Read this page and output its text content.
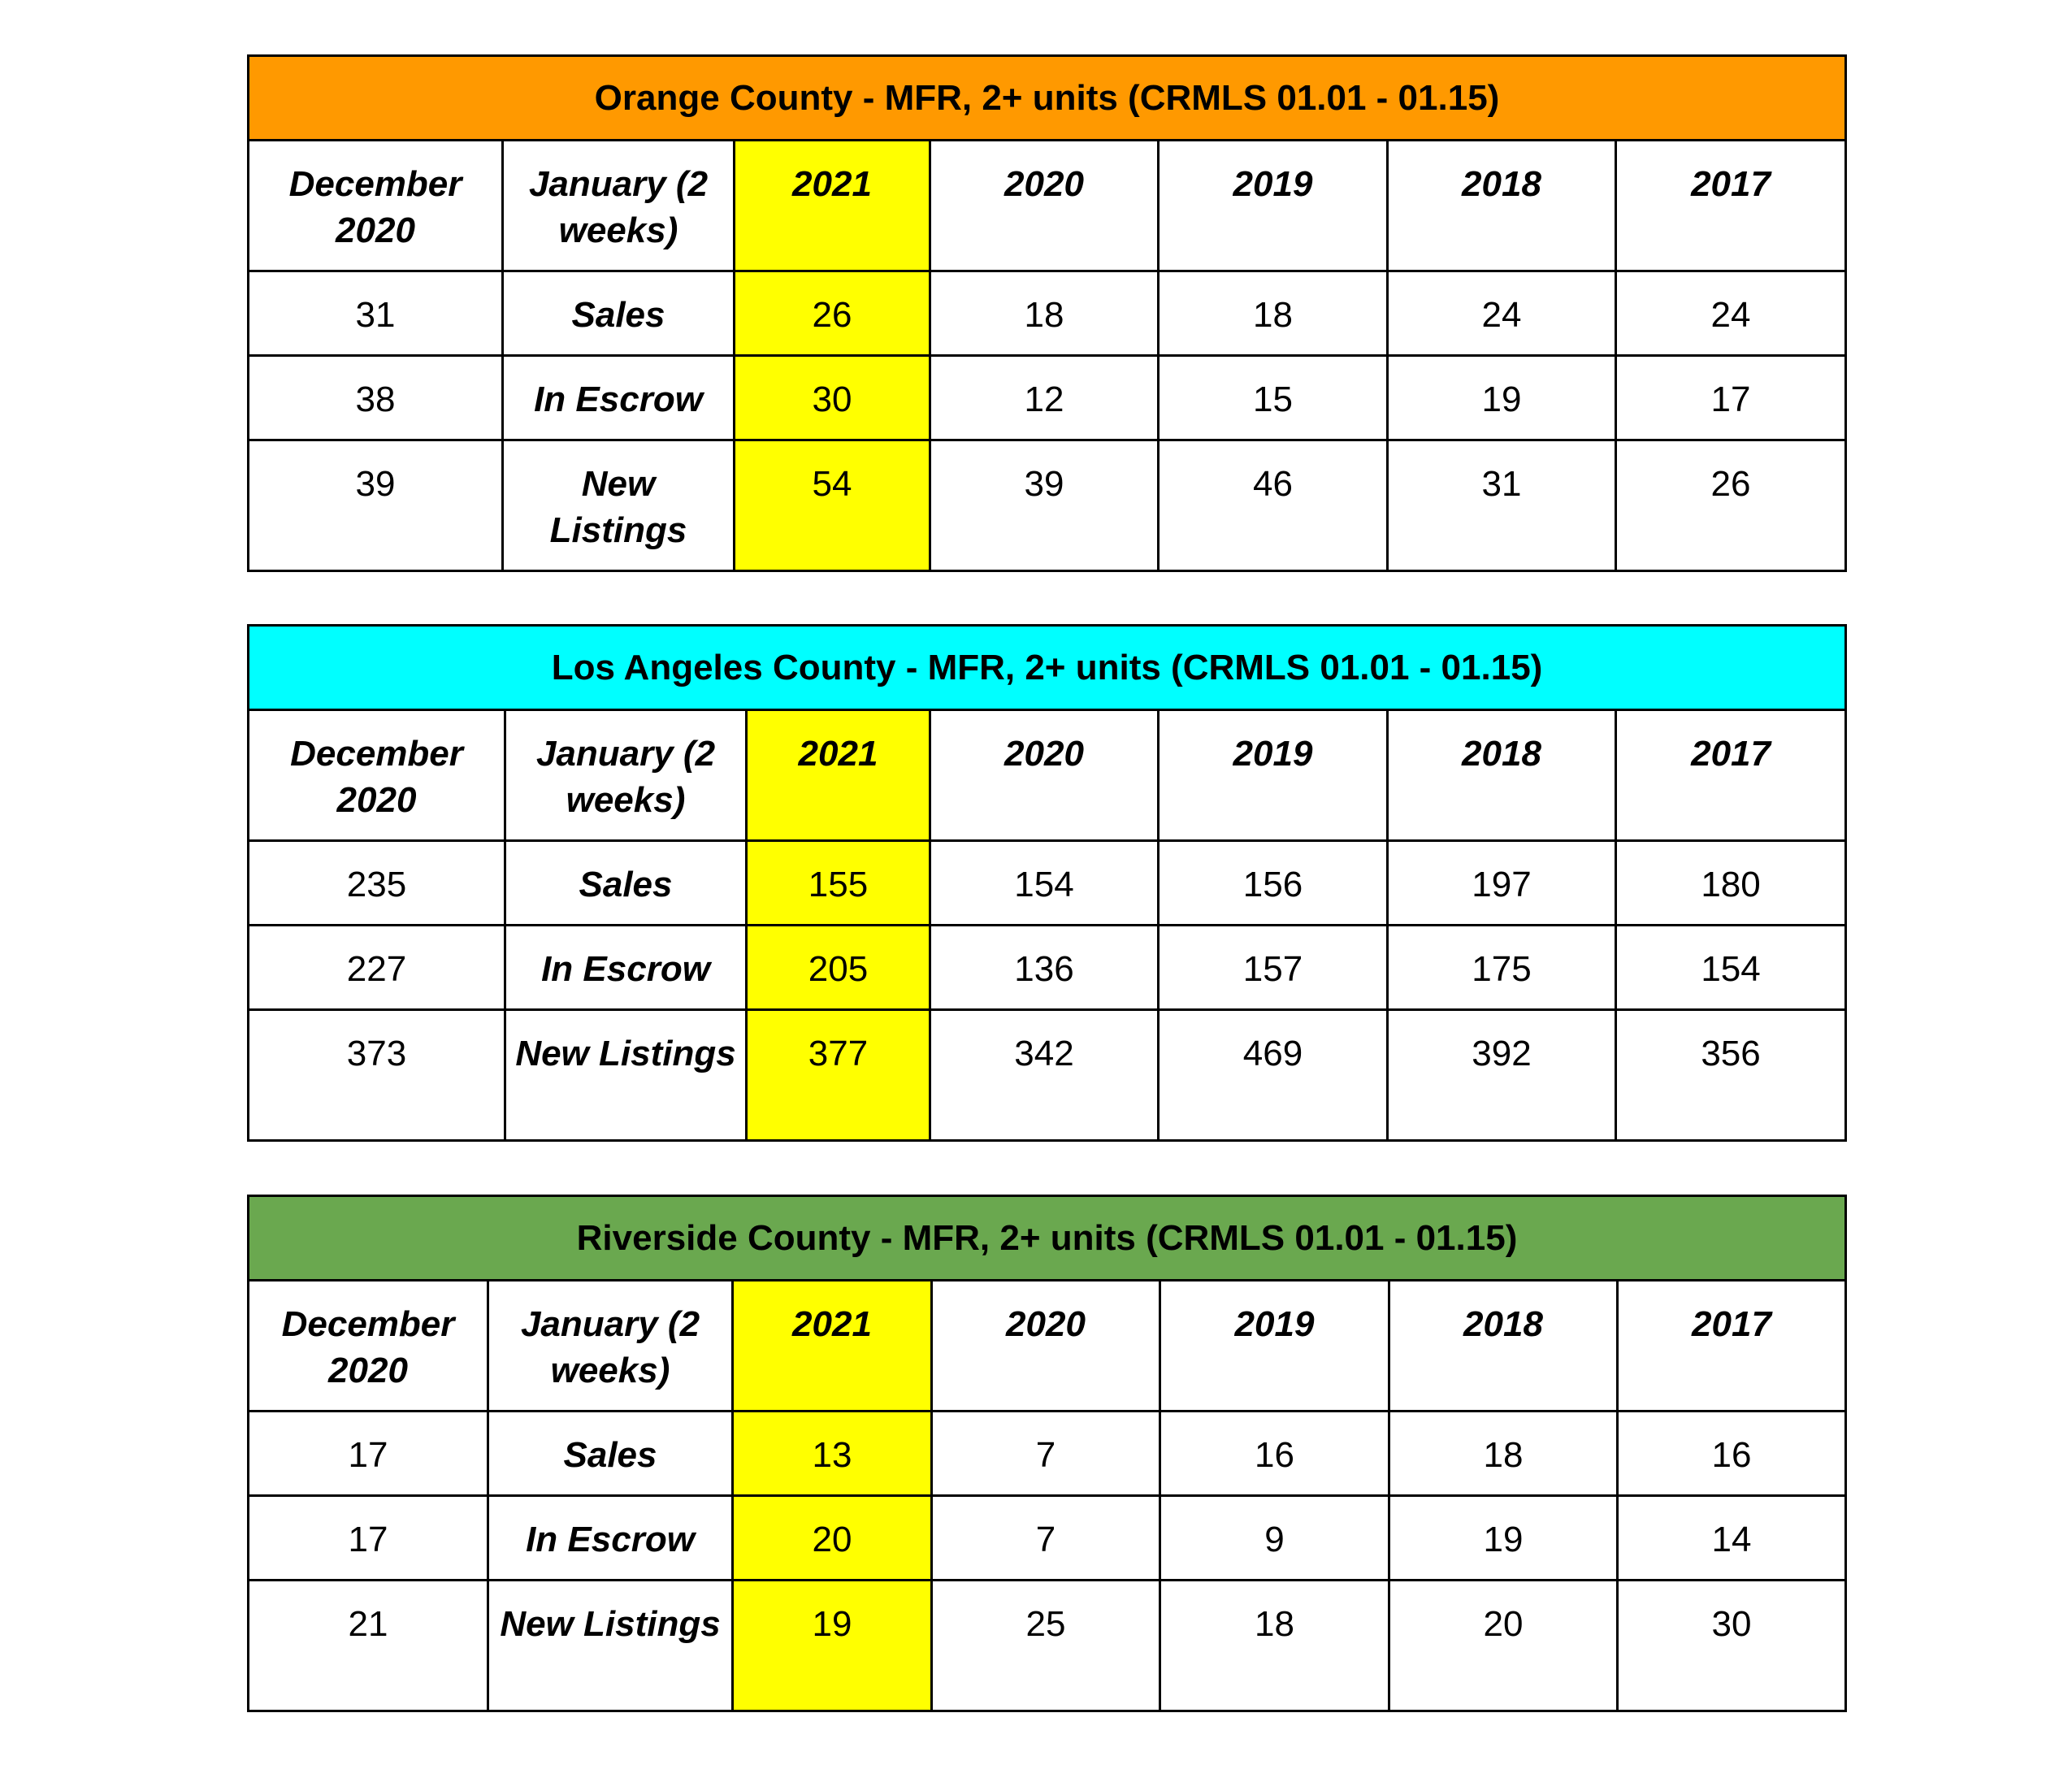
Orange County - MFR, 2+ units (CRMLS 01.01 - 01.15)						
December 2020	January (2 weeks)	2021	2020	2019	2018	2017
31	Sales	26	18	18	24	24
38	In Escrow	30	12	15	19	17
39	New Listings	54	39	46	31	26
Los Angeles County - MFR, 2+ units (CRMLS 01.01 - 01.15)						
December 2020	January (2 weeks)	2021	2020	2019	2018	2017
235	Sales	155	154	156	197	180
227	In Escrow	205	136	157	175	154
373	New Listings	377	342	469	392	356
Riverside County - MFR, 2+ units (CRMLS 01.01 - 01.15)						
December 2020	January (2 weeks)	2021	2020	2019	2018	2017
17	Sales	13	7	16	18	16
17	In Escrow	20	7	9	19	14
21	New Listings	19	25	18	20	30
